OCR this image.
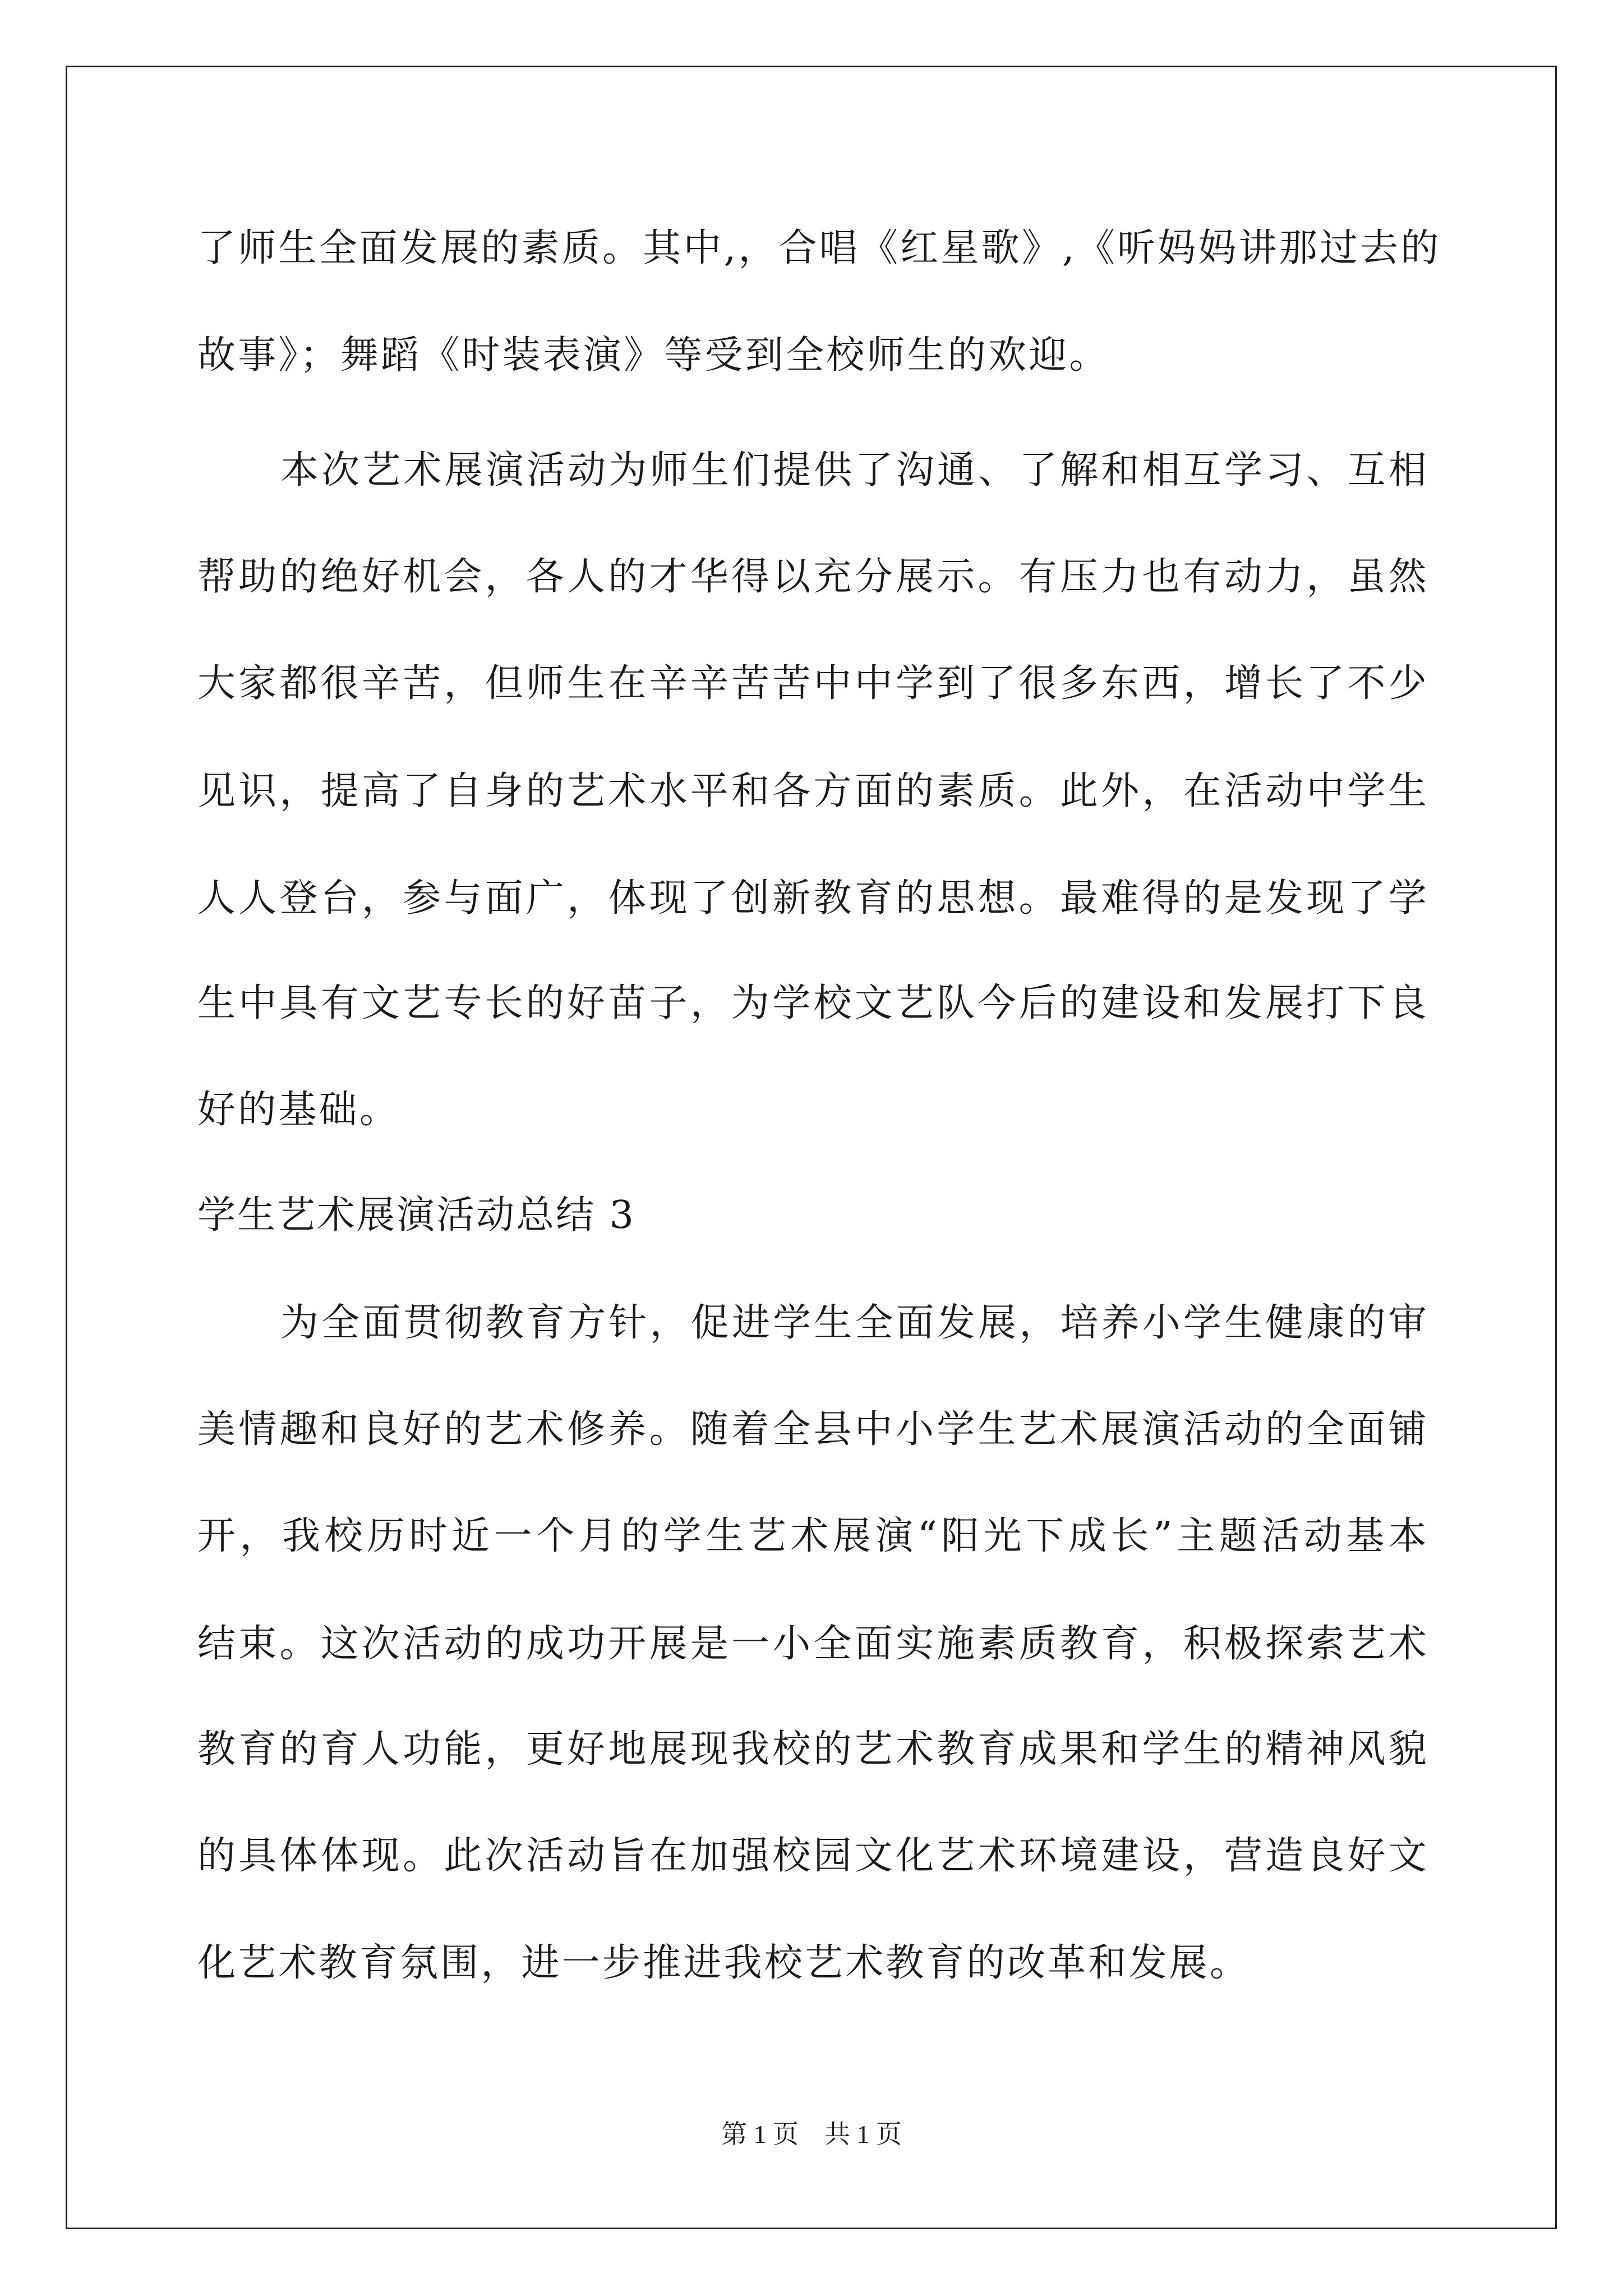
了师生全面发展的素质。其中,，合唱《红星歌》,《听妈妈讲那过去的

故事》；舞蹈《时装表演》等受到全校师生的欢迎。

本次艺术展演活动为师生们提供了沟通、了解和相互学习、互相

帮助的绝好机会，各人的才华得以充分展示。有压力也有动力，虽然

大家都很辛苦，但师生在辛辛苦苦中中学到了很多东西，增长了不少

见识，提高了自身的艺术水平和各方面的素质。此外，在活动中学生

人人登台，参与面广，体现了创新教育的思想。最难得的是发现了学

生中具有文艺专长的好苗子，为学校文艺队今后的建设和发展打下良

好的基础。

学生艺术展演活动总结 3

为全面贯彻教育方针，促进学生全面发展，培养小学生健康的审

美情趣和良好的艺术修养。随着全县中小学生艺术展演活动的全面铺

开，我校历时近一个月的学生艺术展演“阳光下成长”主题活动基本

结束。这次活动的成功开展是一小全面实施素质教育，积极探索艺术

教育的育人功能，更好地展现我校的艺术教育成果和学生的精神风貌

的具体体现。此次活动旨在加强校园文化艺术环境建设，营造良好文

化艺术教育氛围，进一步推进我校艺术教育的改革和发展。

第 1 页    共 1 页
